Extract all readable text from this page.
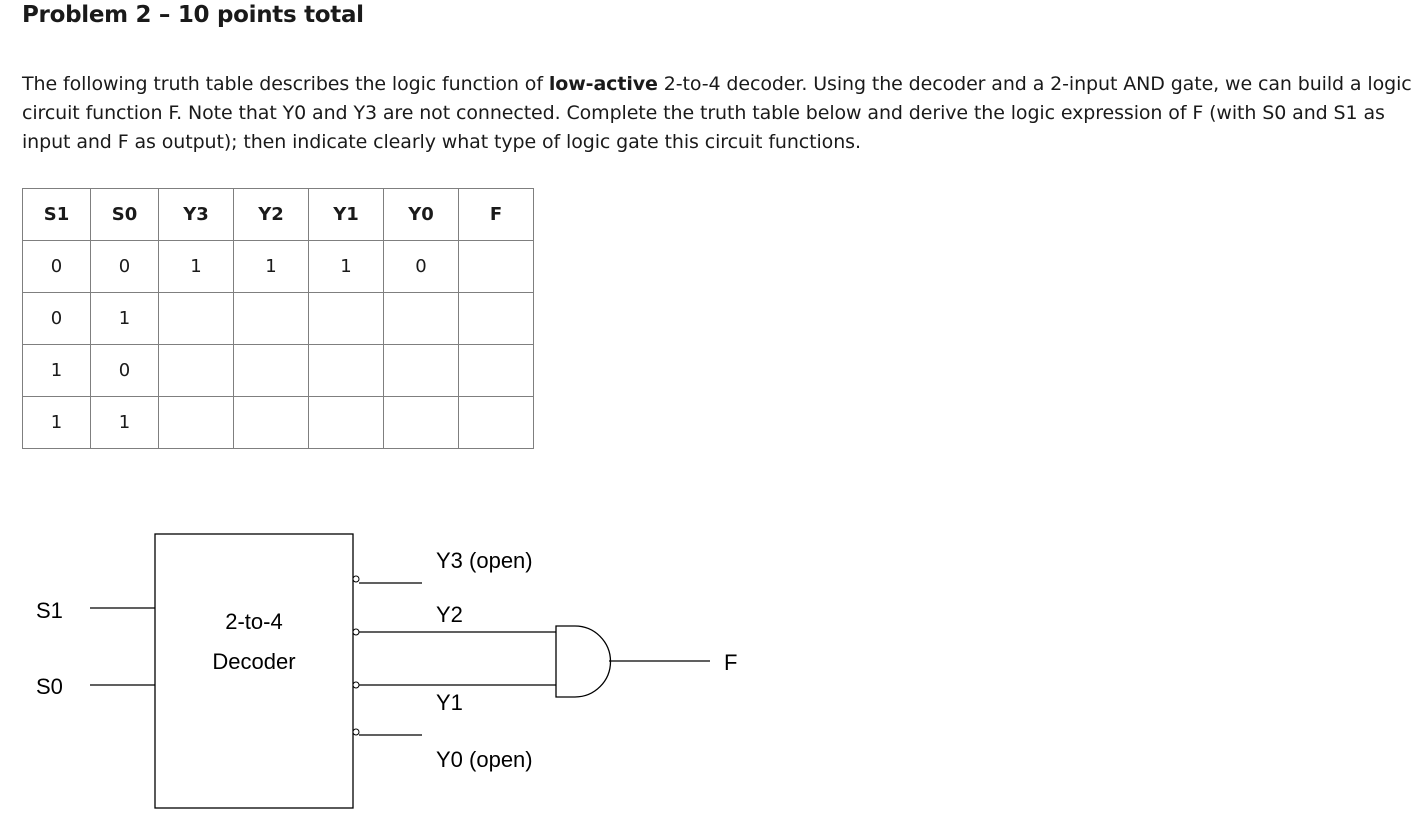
Problem 2 – 10 points total
The following truth table describes the logic function of low-active 2-to-4 decoder. Using the decoder and a 2-input AND gate, we can build a logic circuit function F. Note that Y0 and Y3 are not connected. Complete the truth table below and derive the logic expression of F (with S0 and S1 as input and F as output); then indicate clearly what type of logic gate this circuit functions.
S1	S0	Y3	Y2	Y1	Y0	F
0	0	1	1	1	0	
0	1					
1	0					
1	1					
S1
S0
2-to-4
Decoder
Y3 (open)
Y2
Y1
Y0 (open)
F
